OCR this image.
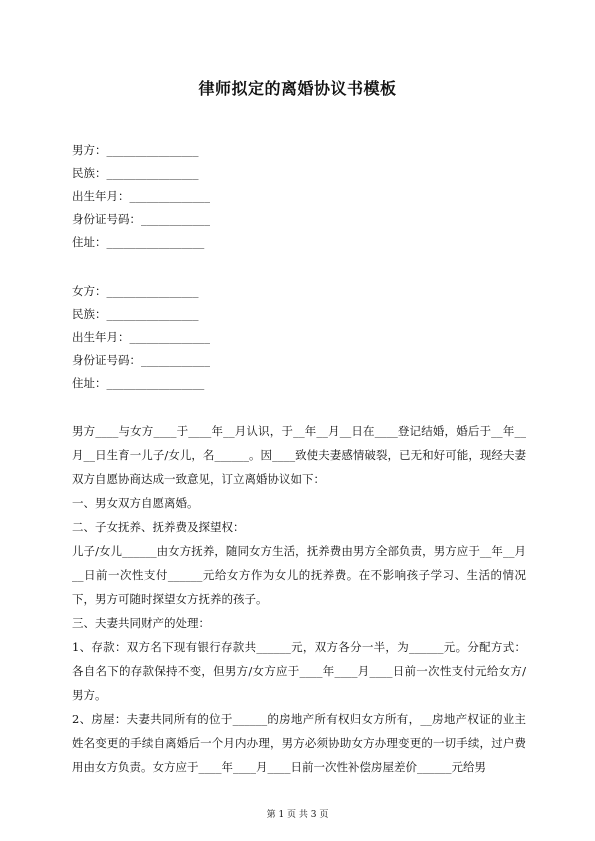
律师拟定的离婚协议书模板
男方：________________
民族：________________
出生年月：______________
身份证号码：____________
住址：_________________
女方：________________
民族：________________
出生年月：______________
身份证号码：____________
住址：_________________
男方____与女方____于____年__月认识，于__年__月__日在____登记结婚，婚后于__年__月__日生育一儿子/女儿，名______。因____致使夫妻感情破裂，已无和好可能，现经夫妻双方自愿协商达成一致意见，订立离婚协议如下：
一、男女双方自愿离婚。
二、子女抚养、抚养费及探望权：
儿子/女儿______由女方抚养，随同女方生活，抚养费由男方全部负责，男方应于__年__月__日前一次性支付______元给女方作为女儿的抚养费。在不影响孩子学习、生活的情况下，男方可随时探望女方抚养的孩子。
三、夫妻共同财产的处理：
1、存款：双方名下现有银行存款共______元，双方各分一半，为______元。分配方式：各自名下的存款保持不变，但男方/女方应于____年____月____日前一次性支付元给女方/男方。
2、房屋：夫妻共同所有的位于______的房地产所有权归女方所有，__房地产权证的业主姓名变更的手续自离婚后一个月内办理，男方必须协助女方办理变更的一切手续，过户费用由女方负责。女方应于____年____月____日前一次性补偿房屋差价______元给男
第 1 页 共 3 页
